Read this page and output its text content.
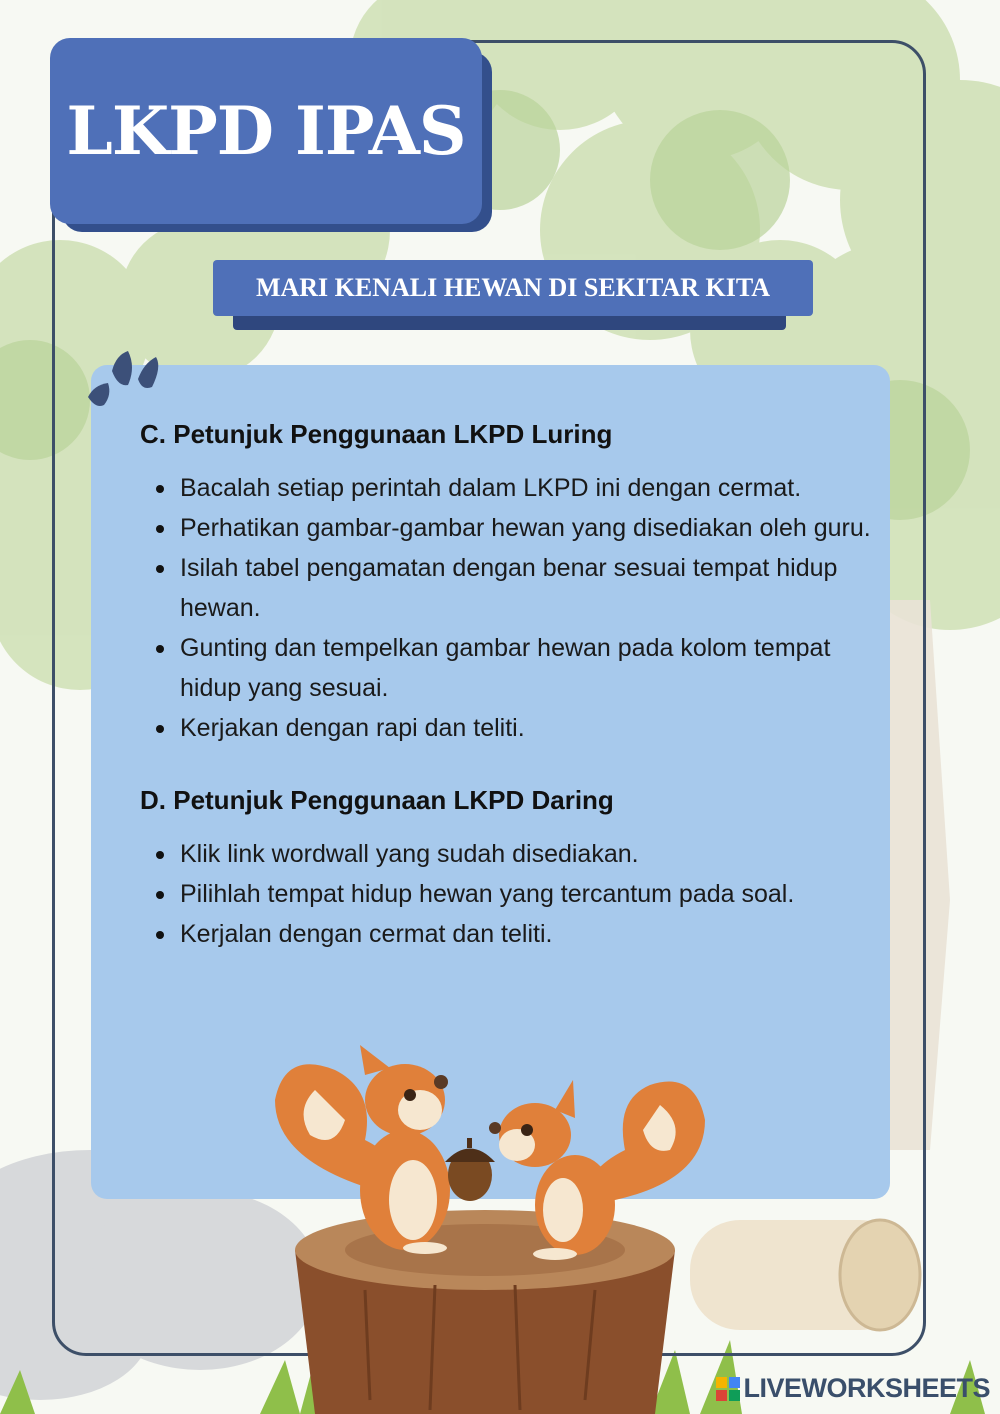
LKPD IPAS
MARI KENALI HEWAN DI SEKITAR KITA
C. Petunjuk Penggunaan LKPD Luring
Bacalah setiap perintah dalam LKPD ini dengan cermat.
Perhatikan gambar-gambar hewan yang disediakan oleh guru.
Isilah tabel pengamatan dengan benar sesuai tempat hidup hewan.
Gunting dan tempelkan gambar hewan pada kolom tempat hidup yang sesuai.
Kerjakan dengan rapi dan teliti.
D. Petunjuk Penggunaan LKPD Daring
Klik link wordwall yang sudah disediakan.
Pilihlah tempat hidup hewan yang tercantum pada soal.
Kerjalan dengan cermat dan teliti.
LIVEWORKSHEETS
